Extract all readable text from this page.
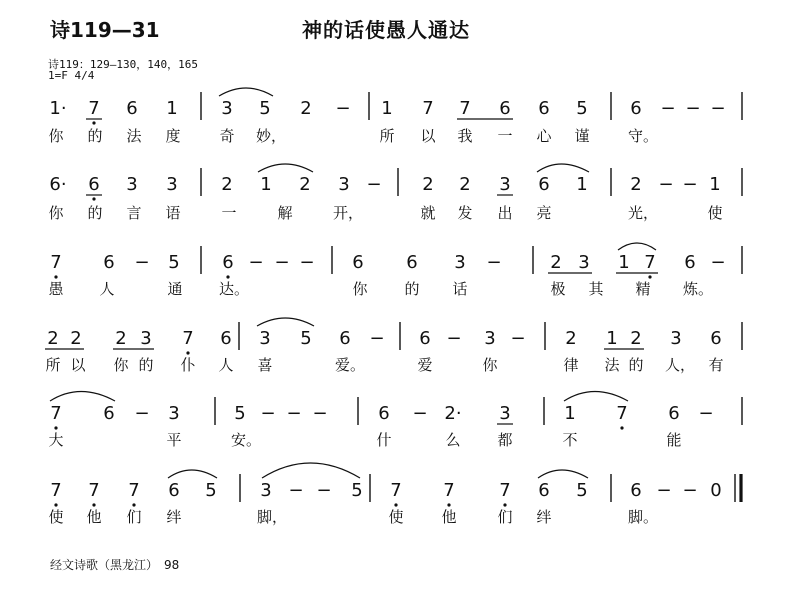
诗119—31	神的话使愚人通达
诗119：129—130，140，165
1=F 4/4
1· 7 6 1 3 5 2 − 1 7 7 6 6 5 6 − − −
你 的 法 度	奇 妙，	所 以 我 一 心 谨	守。
6· 6 3 3 2 1 2 3 − 2 2 3 6 1 2 − − 1
你 的 言 语	一	解	开，	就 发 出 亮	光，	使
7 6 − 5 6 − − − 6 6 3 −	2 3 1 7 6 −
愚 人	通 达。	你 的 话	极 其 精 炼。
2 2 2 3 7 6 3 5 6 − 6 − 3 − 2 1 2 3 6
所 以 你 的 仆 人 喜	爱。	爱	你	律 法 的 人， 有
7 6 − 3	5 − − −	6 − 2· 3	1 7 6 −
大	平	安。	什	么 都	不	能
7 7 7 6 5 3 − − 5 7 7 7 6 5 6 − − 0
使 他 们 绊	脚，	使	他	们 绊	脚。
经文诗歌（黑龙江） 98
